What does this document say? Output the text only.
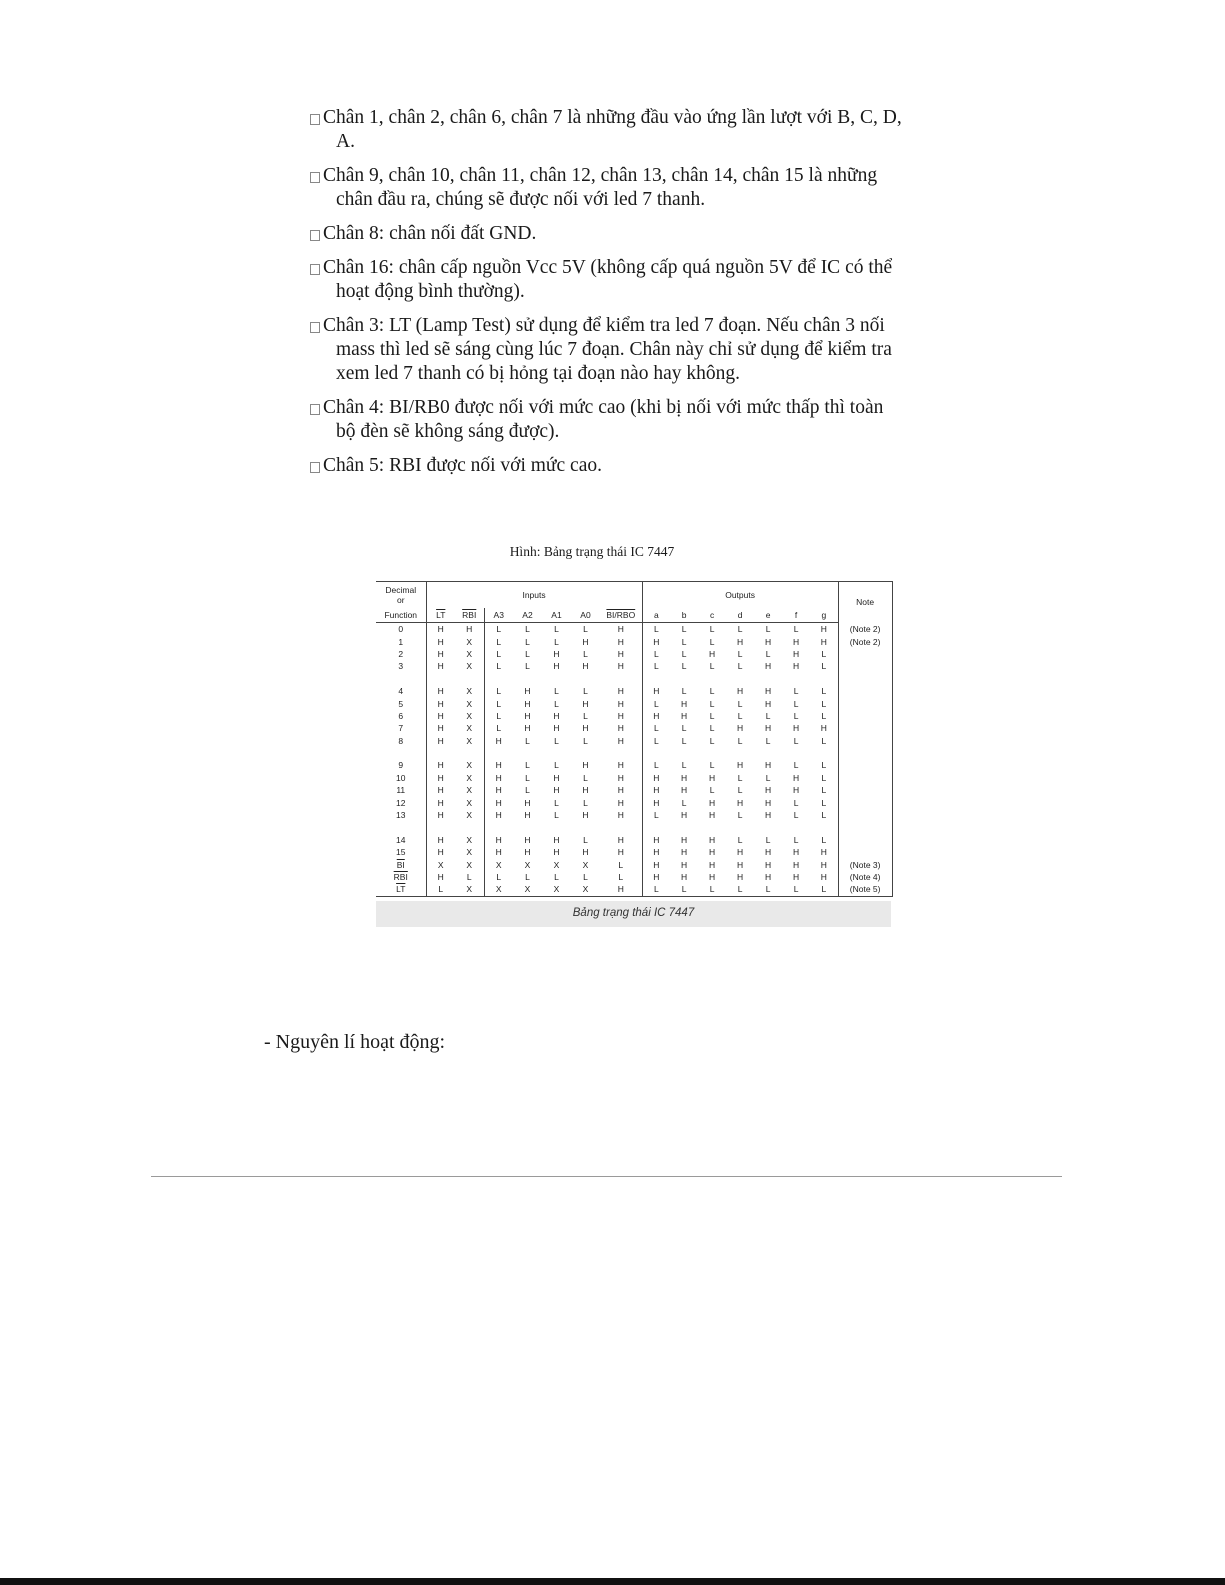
Chân 1, chân 2, chân 6, chân 7 là những đầu vào ứng lần lượt với B, C, D,
A.
Chân 9, chân 10, chân 11, chân 12, chân 13, chân 14, chân 15 là những
chân đầu ra, chúng sẽ được nối với led 7 thanh.
Chân 8: chân nối đất GND.
Chân 16: chân cấp nguồn Vcc 5V (không cấp quá nguồn 5V để IC có thể
hoạt động bình thường).
Chân 3: LT (Lamp Test) sử dụng để kiểm tra led 7 đoạn. Nếu chân 3 nối
mass thì led sẽ sáng cùng lúc 7 đoạn. Chân này chỉ sử dụng để kiểm tra
xem led 7 thanh có bị hỏng tại đoạn nào hay không.
Chân 4: BI/RB0 được nối với mức cao (khi bị nối với mức thấp thì toàn
bộ đèn sẽ không sáng được).
Chân 5: RBI được nối với mức cao.
Hình: Bảng trạng thái IC 7447
Decimal
or	Inputs							Outputs							Note
Function	$\overline{LT}$	$\overline{RBI}$	A3	A2	A1	A0	BI/RBO	a	b	c	d	e	f	g	
0	H	H	L	L	L	L	H	L	L	L	L	L	L	H	(Note 2)
1	H	X	L	L	L	H	H	H	L	L	H	H	H	H	(Note 2)
2	H	X	L	L	H	L	H	L	L	H	L	L	H	L	
3	H	X	L	L	H	H	H	L	L	L	L	H	H	L	

4	H	X	L	H	L	L	H	H	L	L	H	H	L	L	
5	H	X	L	H	L	H	H	L	H	L	L	H	L	L	
6	H	X	L	H	H	L	H	H	H	L	L	L	L	L	
7	H	X	L	H	H	H	H	L	L	L	H	H	H	H	
8	H	X	H	L	L	L	H	L	L	L	L	L	L	L	

9	H	X	H	L	L	H	H	L	L	L	H	H	L	L	
10	H	X	H	L	H	L	H	H	H	H	L	L	H	L	
11	H	X	H	L	H	H	H	H	H	L	L	H	H	L	
12	H	X	H	H	L	L	H	H	L	H	H	H	L	L	
13	H	X	H	H	L	H	H	L	H	H	L	H	L	L	

14	H	X	H	H	H	L	H	H	H	H	L	L	L	L	
15	H	X	H	H	H	H	H	H	H	H	H	H	H	H	
$\overline{BI}$	X	X	X	X	X	X	L	H	H	H	H	H	H	H	(Note 3)
$\overline{RBI}$	H	L	L	L	L	L	L	H	H	H	H	H	H	H	(Note 4)
$\overline{LT}$	L	X	X	X	X	X	H	L	L	L	L	L	L	L	(Note 5)
Bảng trạng thái IC 7447
- Nguyên lí hoạt động:
